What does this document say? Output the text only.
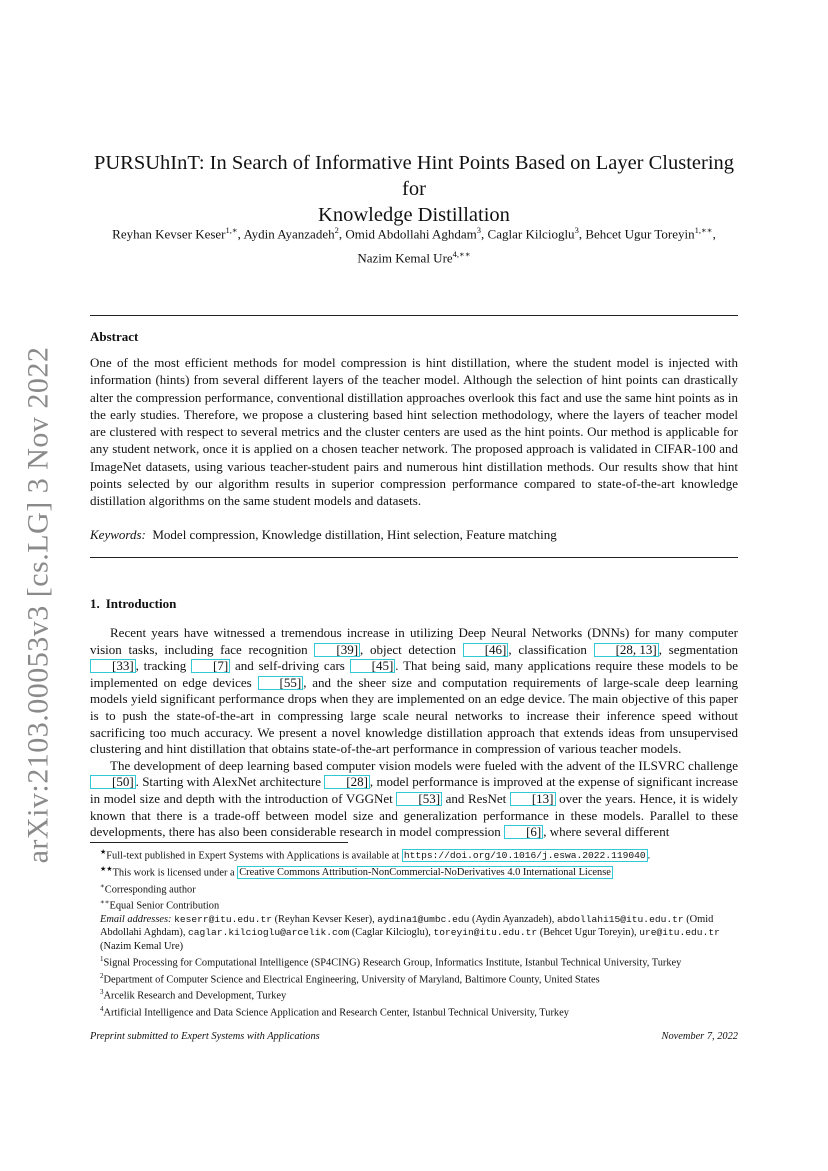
arXiv:2103.00053v3 [cs.LG] 3 Nov 2022
PURSUhInT: In Search of Informative Hint Points Based on Layer Clustering for
Knowledge Distillation
Reyhan Kevser Keser$^{1,∗}$, Aydin Ayanzadeh$^2$, Omid Abdollahi Aghdam$^3$, Caglar Kilcioglu$^3$, Behcet Ugur Toreyin$^{1,∗∗}$,
Nazim Kemal Ure$^{4,∗∗}$
Abstract

One of the most efficient methods for model compression is hint distillation, where the student model is injected with information (hints) from several different layers of the teacher model. Although the selection of hint points can drastically alter the compression performance, conventional distillation approaches overlook this fact and use the same hint points as in the early studies. Therefore, we propose a clustering based hint selection methodology, where the layers of teacher model are clustered with respect to several metrics and the cluster centers are used as the hint points. Our method is applicable for any student network, once it is applied on a chosen teacher network. The proposed approach is validated in CIFAR-100 and ImageNet datasets, using various teacher-student pairs and numerous hint distillation methods. Our results show that hint points selected by our algorithm results in superior compression performance compared to state-of-the-art knowledge distillation algorithms on the same student models and datasets.

Keywords: Model compression, Knowledge distillation, Hint selection, Feature matching

1. Introduction

Recent years have witnessed a tremendous increase in utilizing Deep Neural Networks (DNNs) for many computer vision tasks, including face recognition [39] , object detection [46] , classification [28, 13] , segmentation [33] , tracking [7] and self-driving cars [45] . That being said, many applications require these models to be implemented on edge devices [55] , and the sheer size and computation requirements of large-scale deep learning models yield significant performance drops when they are implemented on an edge device. The main objective of this paper is to push the state-of-the-art in compressing large scale neural networks to increase their inference speed without sacrificing too much accuracy. We present a novel knowledge distillation approach that extends ideas from unsupervised clustering and hint distillation that obtains state-of-the-art performance in compression of various teacher models.

The development of deep learning based computer vision models were fueled with the advent of the ILSVRC challenge [50] . Starting with AlexNet architecture [28] , model performance is improved at the expense of significant increase in model size and depth with the introduction of VGGNet [53] and ResNet [13] over the years. Hence, it is widely known that there is a trade-off between model size and generalization performance in these models. Parallel to these developments, there has also been considerable research in model compression [6] , where several different

★Full-text published in Expert Systems with Applications is available at https://doi.org/10.1016/j.eswa.2022.119040 .

★★This work is licensed under a Creative Commons Attribution-NonCommercial-NoDerivatives 4.0 International License

∗Corresponding author

∗∗Equal Senior Contribution

Email addresses: keserr@itu.edu.tr (Reyhan Kevser Keser), aydina1@umbc.edu (Aydin Ayanzadeh), abdollahi15@itu.edu.tr (Omid Abdollahi Aghdam), caglar.kilcioglu@arcelik.com (Caglar Kilcioglu), toreyin@itu.edu.tr (Behcet Ugur Toreyin), ure@itu.edu.tr (Nazim Kemal Ure)

$^1$Signal Processing for Computational Intelligence (SP4CING) Research Group, Informatics Institute, Istanbul Technical University, Turkey

$^2$Department of Computer Science and Electrical Engineering, University of Maryland, Baltimore County, United States

$^3$Arcelik Research and Development, Turkey

$^4$Artificial Intelligence and Data Science Application and Research Center, Istanbul Technical University, Turkey

Preprint submitted to Expert Systems with Applications	November 7, 2022
